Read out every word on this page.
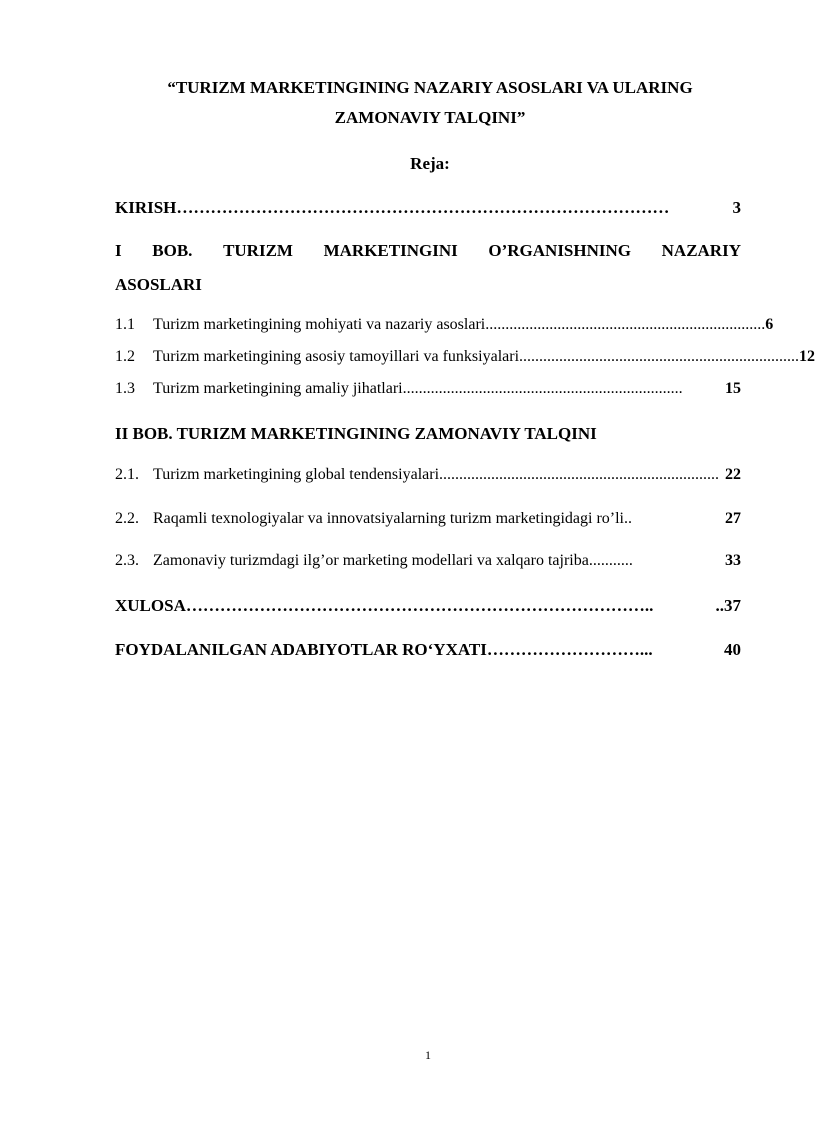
“TURIZM MARKETINGINING NAZARIY ASOSLARI VA ULARING
ZAMONAVIY TALQINI”
Reja:
KIRISH ……………………………………………………………………………	3
I BOB. TURIZM MARKETINGINI O’RGANISHNING NAZARIY
ASOSLARI
1.1 Turizm marketingining mohiyati va nazariy asoslari ...................................................................... 6
1.2 Turizm marketingining asosiy tamoyillari va funksiyalari ...................................................................... 12
1.3 Turizm marketingining amaliy jihatlari ......................................................................	15
II BOB. TURIZM MARKETINGINING ZAMONAVIY TALQINI
2.1. Turizm marketingining global tendensiyalari ...................................................................... 22
2.2. Raqamli texnologiyalar va innovatsiyalarning turizm marketingidagi ro’li ..	27
2.3. Zamonaviy turizmdagi ilg’or marketing modellari va xalqaro tajriba ...........	33
XULOSA ………………………………………………………………………..	..37
FOYDALANILGAN ADABIYOTLAR RO‘YXATI ………………………...	40
1
